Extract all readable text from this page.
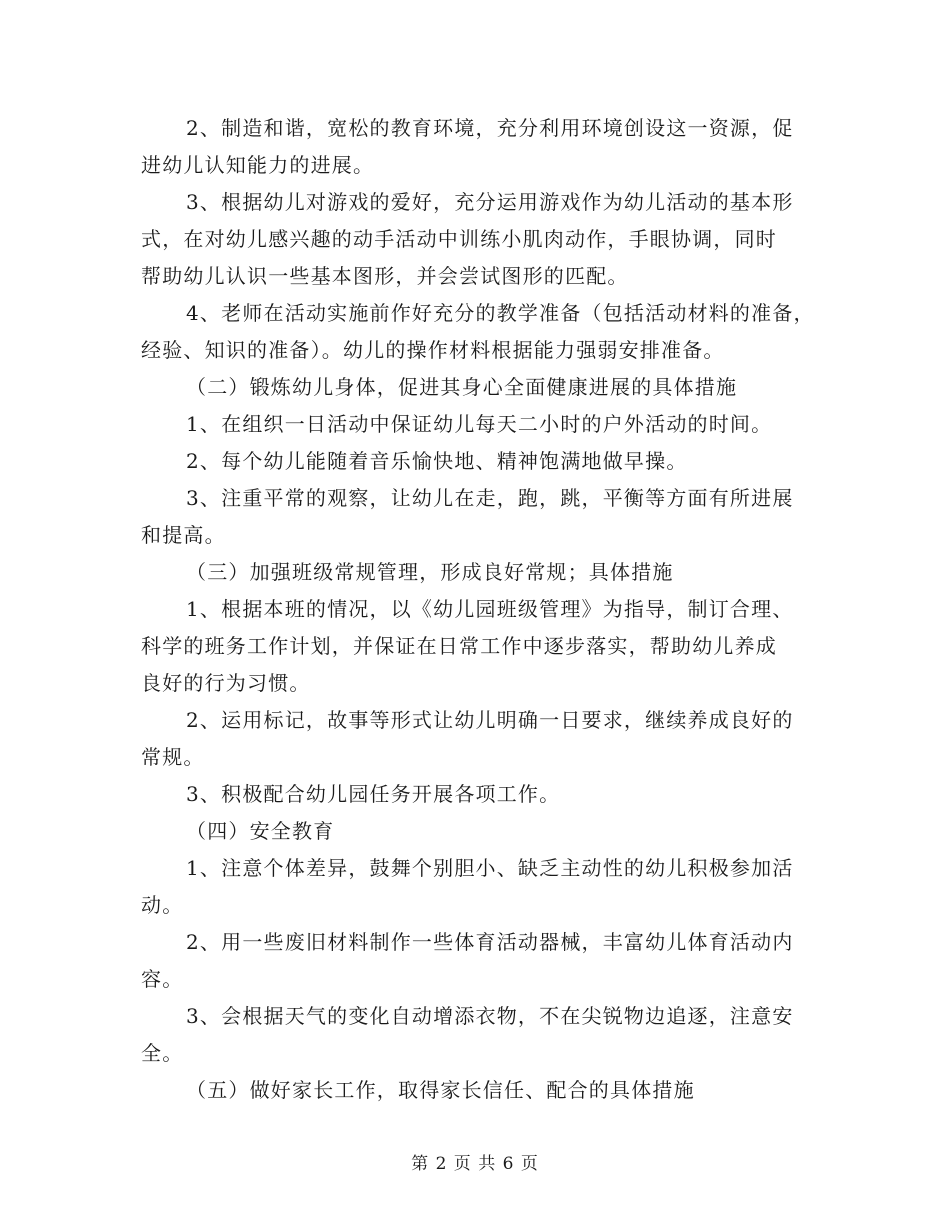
2、制造和谐，宽松的教育环境，充分利用环境创设这一资源，促
进幼儿认知能力的进展。
3、根据幼儿对游戏的爱好，充分运用游戏作为幼儿活动的基本形
式，在对幼儿感兴趣的动手活动中训练小肌肉动作，手眼协调，同时
帮助幼儿认识一些基本图形，并会尝试图形的匹配。
4、老师在活动实施前作好充分的教学准备（包括活动材料的准备，
经验、知识的准备）。幼儿的操作材料根据能力强弱安排准备。
（二）锻炼幼儿身体，促进其身心全面健康进展的具体措施
1、在组织一日活动中保证幼儿每天二小时的户外活动的时间。
2、每个幼儿能随着音乐愉快地、精神饱满地做早操。
3、注重平常的观察，让幼儿在走，跑，跳，平衡等方面有所进展
和提高。
（三）加强班级常规管理，形成良好常规；具体措施
1、根据本班的情况，以《幼儿园班级管理》为指导，制订合理、
科学的班务工作计划，并保证在日常工作中逐步落实，帮助幼儿养成
良好的行为习惯。
2、运用标记，故事等形式让幼儿明确一日要求，继续养成良好的
常规。
3、积极配合幼儿园任务开展各项工作。
（四）安全教育
1、注意个体差异，鼓舞个别胆小、缺乏主动性的幼儿积极参加活
动。
2、用一些废旧材料制作一些体育活动器械，丰富幼儿体育活动内
容。
3、会根据天气的变化自动增添衣物，不在尖锐物边追逐，注意安
全。
（五）做好家长工作，取得家长信任、配合的具体措施
第 2 页 共 6 页
